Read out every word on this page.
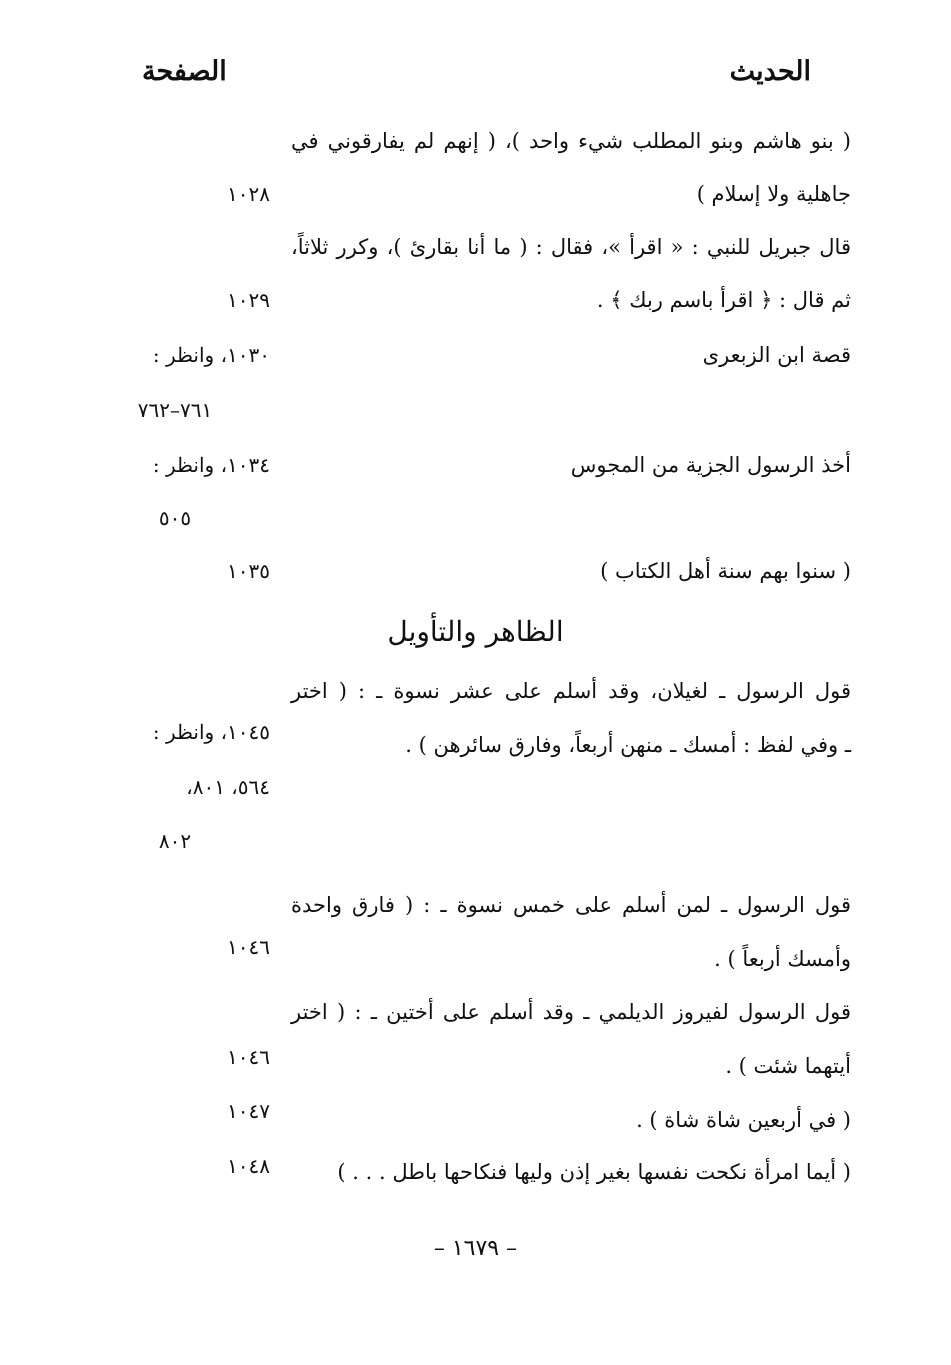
الحديث
الصفحة
( بنو هاشم وبنو المطلب شيء واحد )، ( إنهم لم يفارقوني في
جاهلية ولا إسلام )
١٠٢٨
قال جبريل للنبي : « اقرأ »، فقال : ( ما أنا بقارئ )، وكرر ثلاثاً،
ثم قال : ﴿ اقرأ باسم ربك ﴾ .
١٠٢٩
قصة ابن الزبعرى
١٠٣٠، وانظر :
٧٦١–٧٦٢
أخذ الرسول الجزية من المجوس
١٠٣٤، وانظر :
٥٠٥
( سنوا بهم سنة أهل الكتاب )
١٠٣٥
الظاهر والتأويل
قول الرسول ـ لغيلان، وقد أسلم على عشر نسوة ـ : ( اختر
ـ وفي لفظ : أمسك ـ منهن أربعاً، وفارق سائرهن ) .
١٠٤٥، وانظر :
٥٦٤، ٨٠١،
٨٠٢
قول الرسول ـ لمن أسلم على خمس نسوة ـ : ( فارق واحدة
وأمسك أربعاً ) .
١٠٤٦
قول الرسول لفيروز الديلمي ـ وقد أسلم على أختين ـ : ( اختر
أيتهما شئت ) .
١٠٤٦
( في أربعين شاة شاة ) .
١٠٤٧
( أيما امرأة نكحت نفسها بغير إذن وليها فنكاحها باطل . . . )
١٠٤٨
– ١٦٧٩ –
